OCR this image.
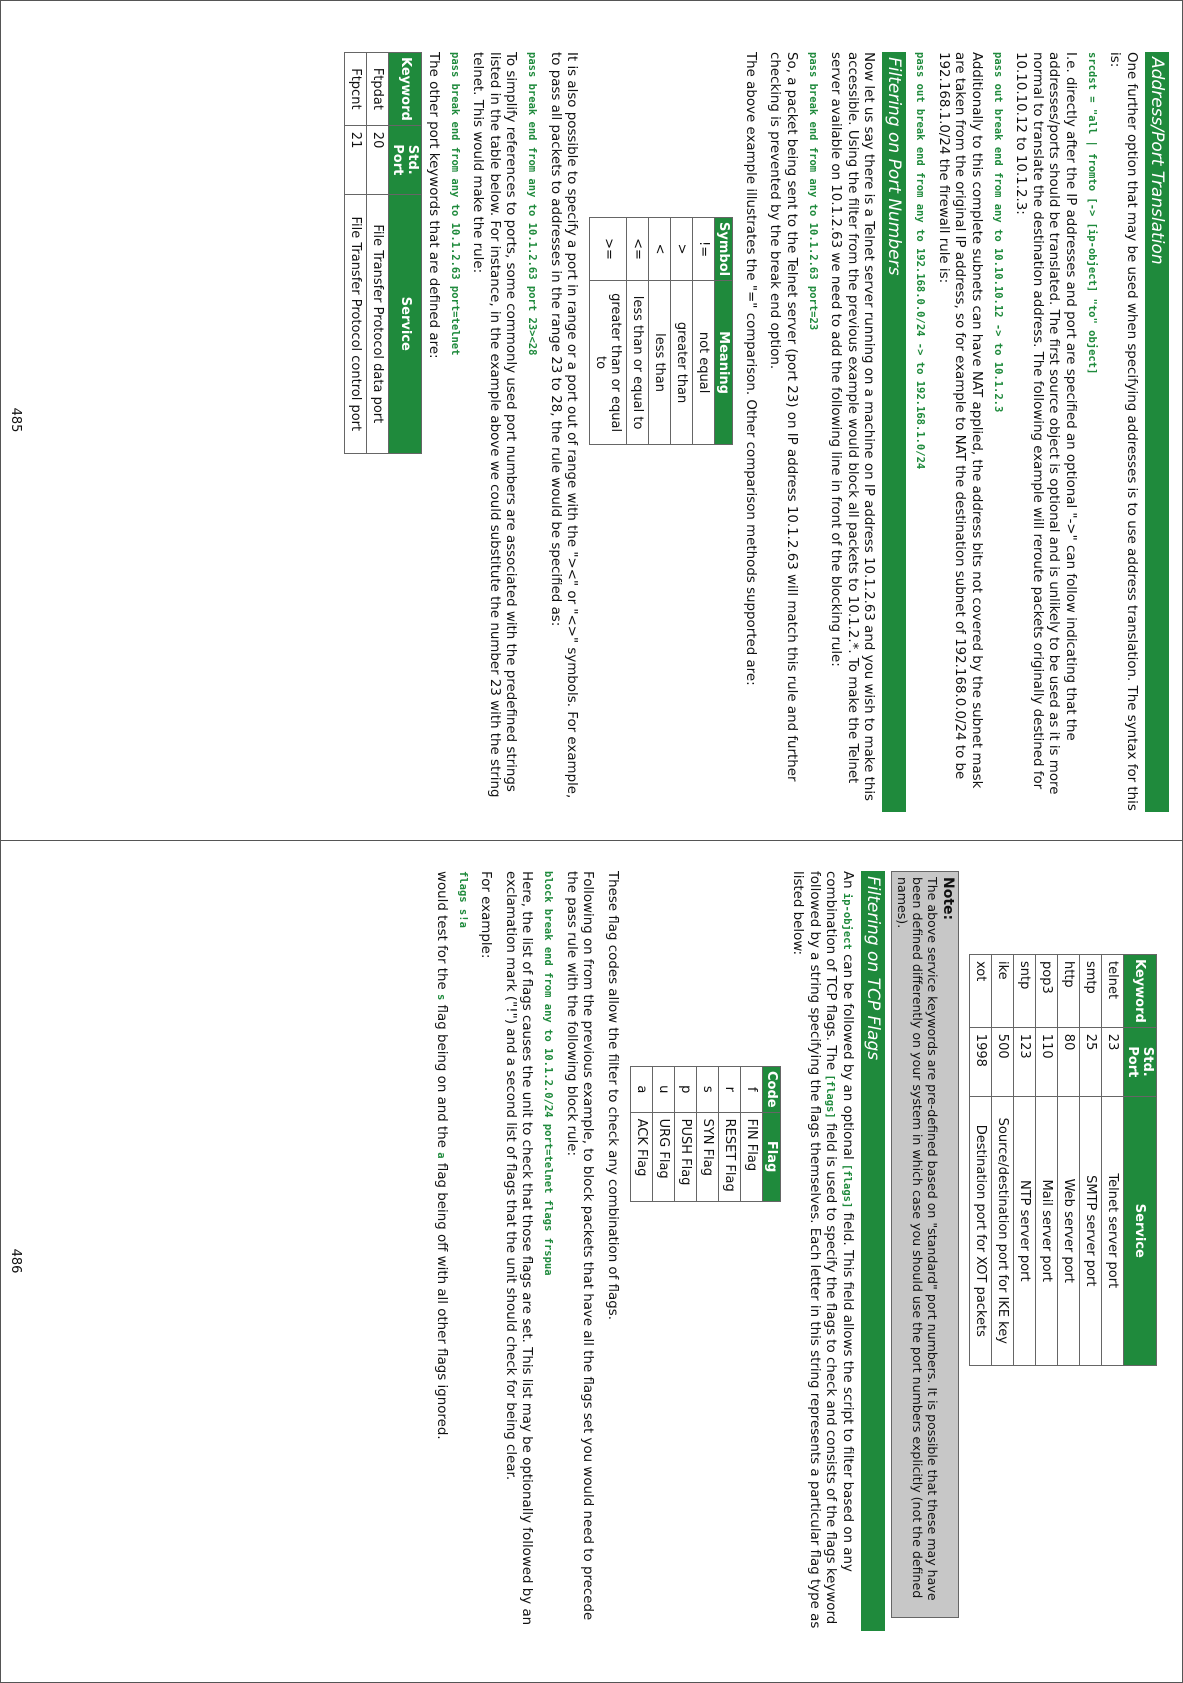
Address/Port Translation

One further option that may be used when specifying addresses is to use address translation. The syntax for this is:

srcdst = "all | fromto [-> [ip-object] "to" object]

I.e. directly after the IP addresses and port are specified an optional "->" can follow indicating that the addresses/ports should be translated. The first source object is optional and is unlikely to be used as it is more normal to translate the destination address. The following example will reroute packets originally destined for 10.10.10.12 to 10.1.2.3:

pass out break end from any to 10.10.10.12 -> to 10.1.2.3

Additionally to this complete subnets can have NAT applied, the address bits not covered by the subnet mask are taken from the original IP address, so for example to NAT the destination subnet of 192.168.0.0/24 to be 192.168.1.0/24 the firewall rule is:

pass out break end from any to 192.168.0.0/24 -> to 192.168.1.0/24
Filtering on Port Numbers

Now let us say there is a Telnet server running on a machine on IP address 10.1.2.63 and you wish to make this accessible. Using the filter from the previous example would block all packets to 10.1.2.*. To make the Telnet server available on 10.1.2.63 we need to add the following line in front of the blocking rule:

pass break end from any to 10.1.2.63 port=23

So, a packet being sent to the Telnet server (port 23) on IP address 10.1.2.63 will match this rule and further checking is prevented by the break end option.

The above example illustrates the "=" comparison. Other comparison methods supported are:

Symbol	Meaning
!=	not equal
>	greater than
<	less than
<=	less than or equal to
>=	greater than or equal to

It is also possible to specify a port in range or a port out of range with the "><" or "<>" symbols. For example, to pass all packets to addresses in the range 23 to 28, the rule would be specified as:

pass break end from any to 10.1.2.63 port 23><28

To simplify references to ports, some commonly used port numbers are associated with the predefined strings listed in the table below. For instance, in the example above we could substitute the number 23 with the string telnet. This would make the rule:

pass break end from any to 10.1.2.63 port=telnet

The other port keywords that are defined are:

Keyword	Std. Port	Service
Ftpdat	20	File Transfer Protocol data port
Ftpcnt	21	File Transfer Protocol control port
485
Keyword	Std. Port	Service
telnet	23	Telnet server port
smtp	25	SMTP server port
http	80	Web server port
pop3	110	Mail server port
sntp	123	NTP server port
ike	500	Source/destination port for IKE key
xot	1998	Destination port for XOT packets
Note:
The above service keywords are pre-defined based on "standard" port numbers. It is possible that these may have been defined differently on your system in which case you should use the port numbers explicitly (not the defined names).
Filtering on TCP Flags

An ip-object can be followed by an optional [flags] field. This field allows the script to filter based on any combination of TCP flags. The [flags] field is used to specify the flags to check and consists of the flags keyword followed by a string specifying the flags themselves. Each letter in this string represents a particular flag type as listed below:

Code	Flag
f	FIN Flag
r	RESET Flag
s	SYN Flag
p	PUSH Flag
u	URG Flag
a	ACK Flag

These flag codes allow the filter to check any combination of flags.

Following on from the previous example, to block packets that have all the flags set you would need to precede the pass rule with the following block rule:

block break end from any to 10.1.2.0/24 port=telnet flags frspua

Here, the list of flags causes the unit to check that those flags are set. This list may be optionally followed by an exclamation mark ("!") and a second list of flags that the unit should check for being clear.

For example:

flags s!a

would test for the s flag being on and the a flag being off with all other flags ignored.

486
